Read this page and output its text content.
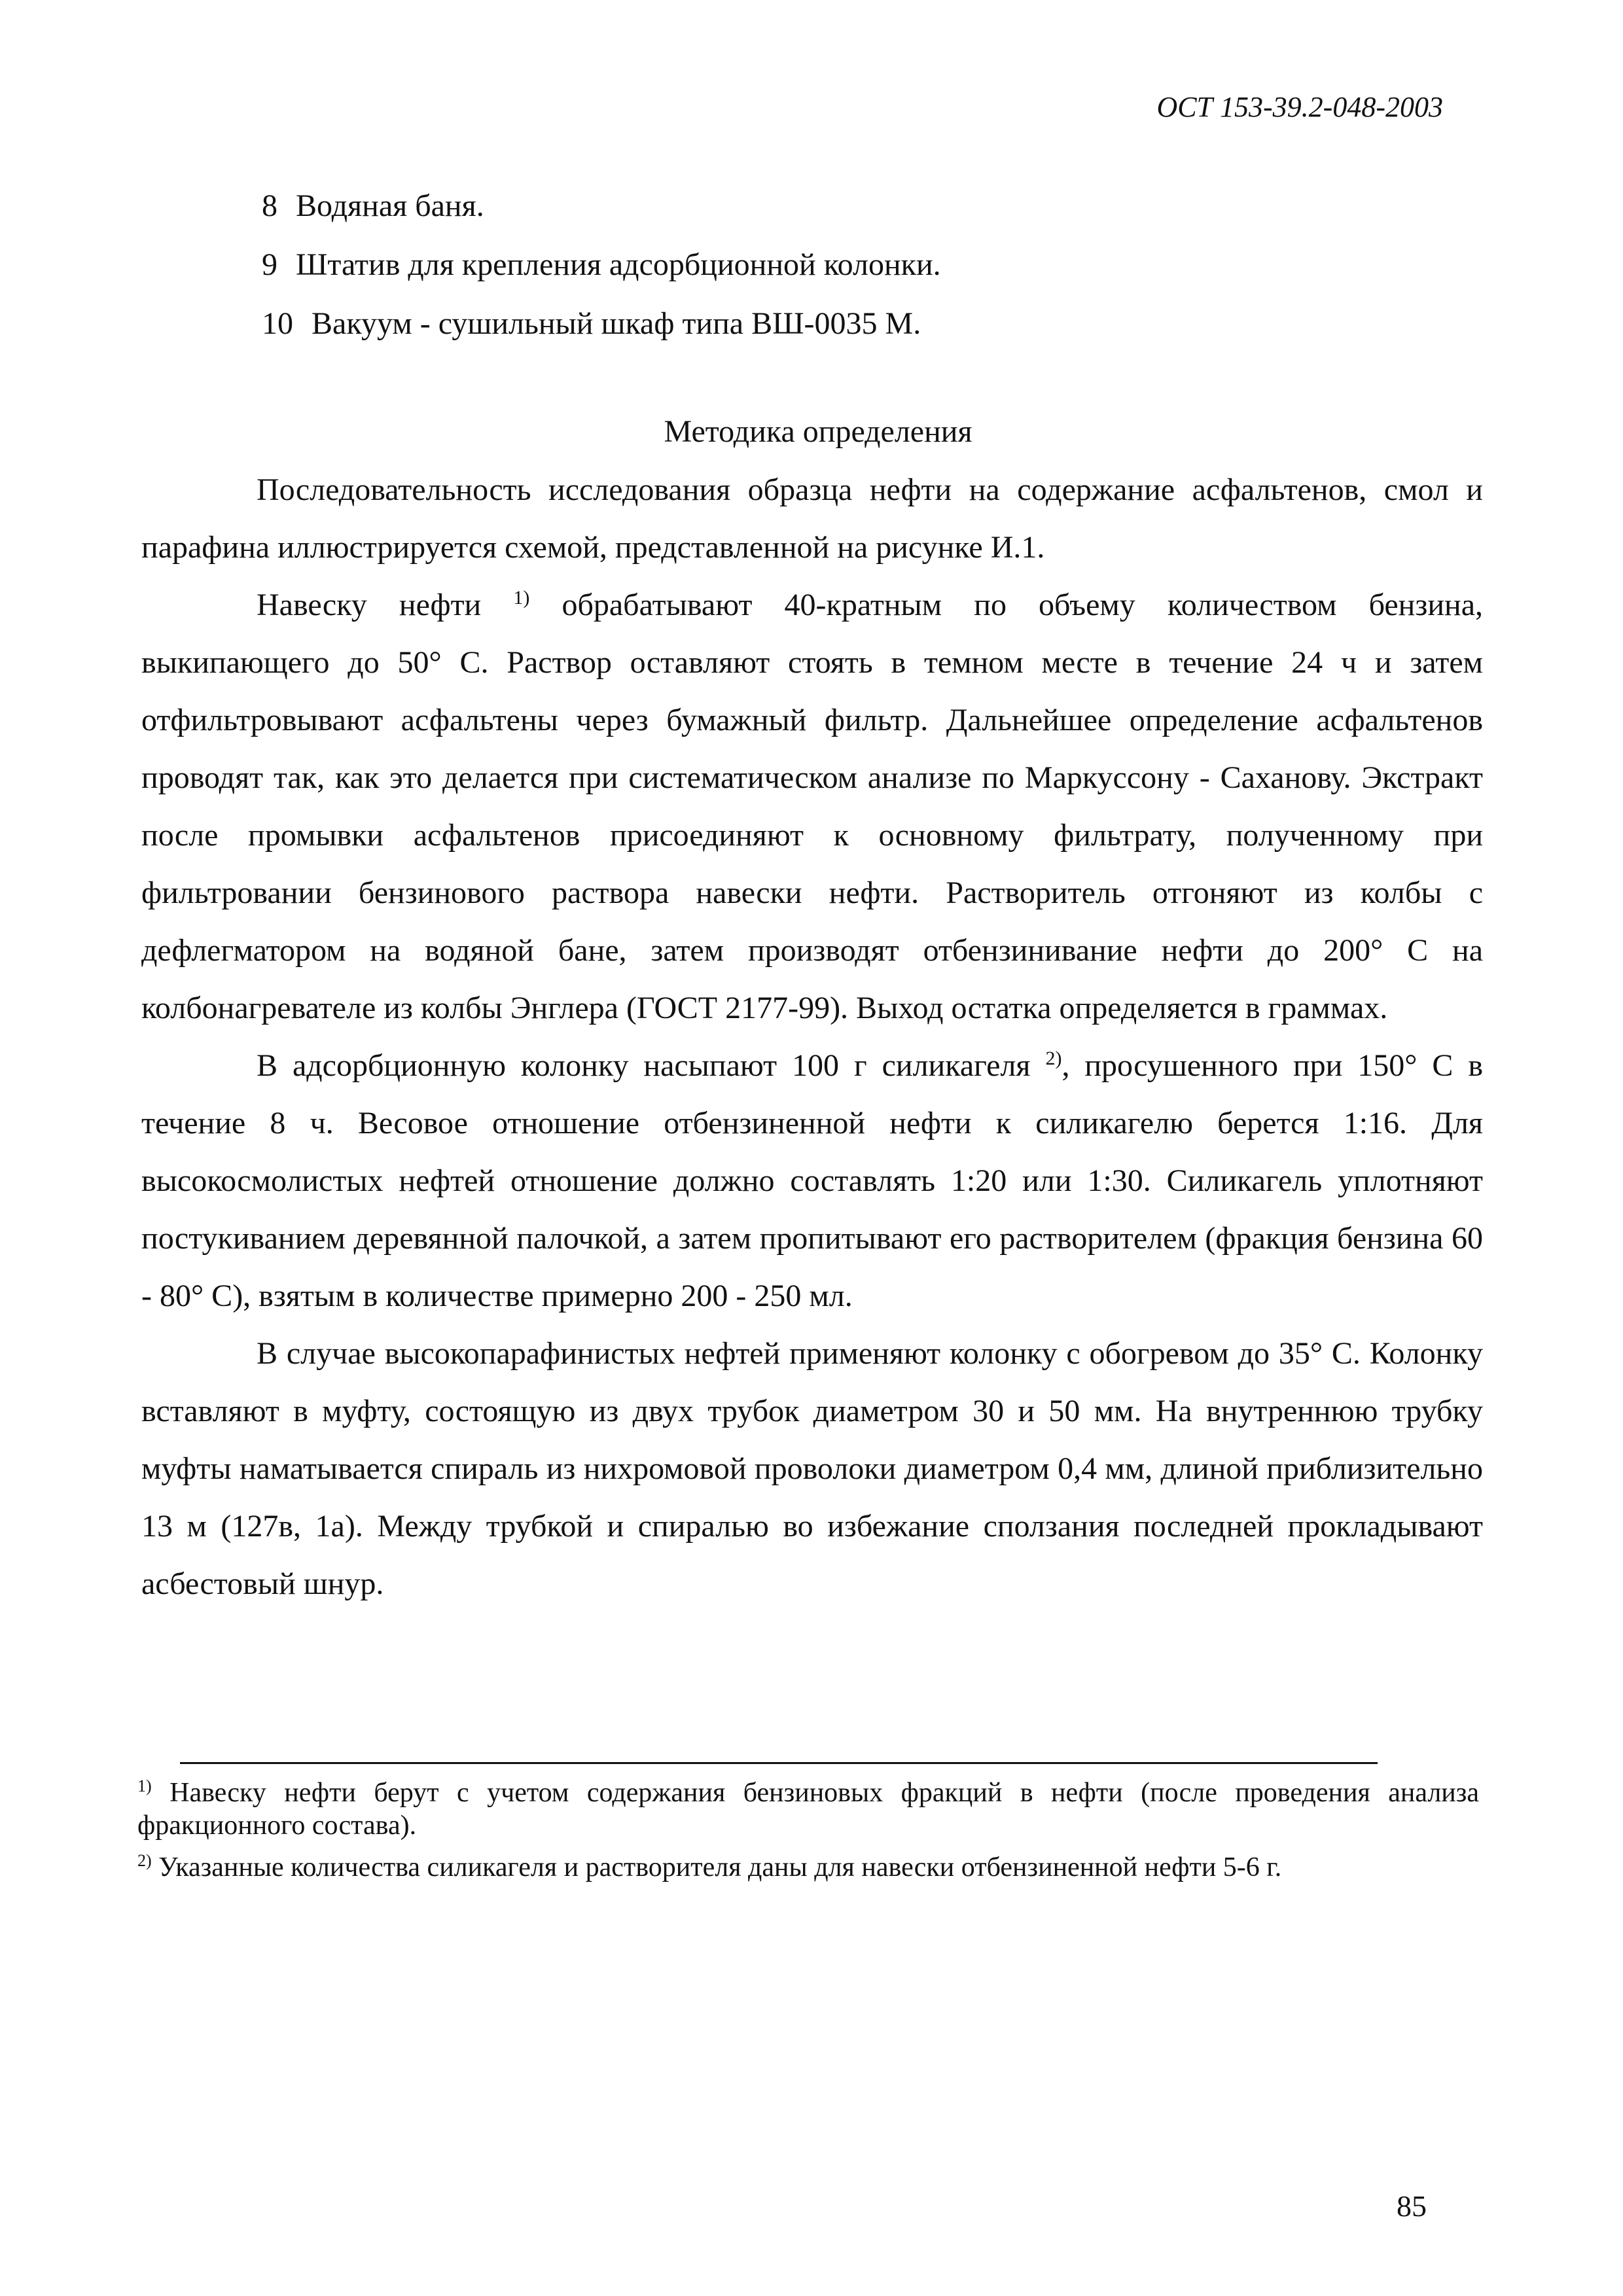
ОСТ 153-39.2-048-2003
8 Водяная баня.
9 Штатив для крепления адсорбционной колонки.
10 Вакуум - сушильный шкаф типа ВШ-0035 М.
Методика определения

Последовательность исследования образца нефти на содержание асфальтенов, смол и парафина иллюстрируется схемой, представленной на рисунке И.1.

Навеску нефти $^{1)}$ обрабатывают 40-кратным по объему количеством бензина, выкипающего до 50° С. Раствор оставляют стоять в темном месте в течение 24 ч и затем отфильтровывают асфальтены через бумажный фильтр. Дальнейшее определение асфальтенов проводят так, как это делается при систематическом анализе по Маркуссону - Саханову. Экстракт после промывки асфальтенов присоединяют к основному фильтрату, полученному при фильтровании бензинового раствора навески нефти. Растворитель отгоняют из колбы с дефлегматором на водяной бане, затем производят отбензинивание нефти до 200° С на колбонагревателе из колбы Энглера (ГОСТ 2177-99). Выход остатка определяется в граммах.

В адсорбционную колонку насыпают 100 г силикагеля $^{2)}$, просушенного при 150° С в течение 8 ч. Весовое отношение отбензиненной нефти к силикагелю берется 1:16. Для высокосмолистых нефтей отношение должно составлять 1:20 или 1:30. Силикагель уплотняют постукиванием деревянной палочкой, а затем пропитывают его растворителем (фракция бензина 60 - 80° С), взятым в количестве примерно 200 - 250 мл.

В случае высокопарафинистых нефтей применяют колонку с обогревом до 35° С. Колонку вставляют в муфту, состоящую из двух трубок диаметром 30 и 50 мм. На внутреннюю трубку муфты наматывается спираль из нихромовой проволоки диаметром 0,4 мм, длиной приблизительно 13 м (127в, 1а). Между трубкой и спиралью во избежание сползания последней прокладывают асбестовый шнур.

$^{1)}$ Навеску нефти берут с учетом содержания бензиновых фракций в нефти (после проведения анализа фракционного состава).

$^{2)}$ Указанные количества силикагеля и растворителя даны для навески отбензиненной нефти 5-6 г.

85
